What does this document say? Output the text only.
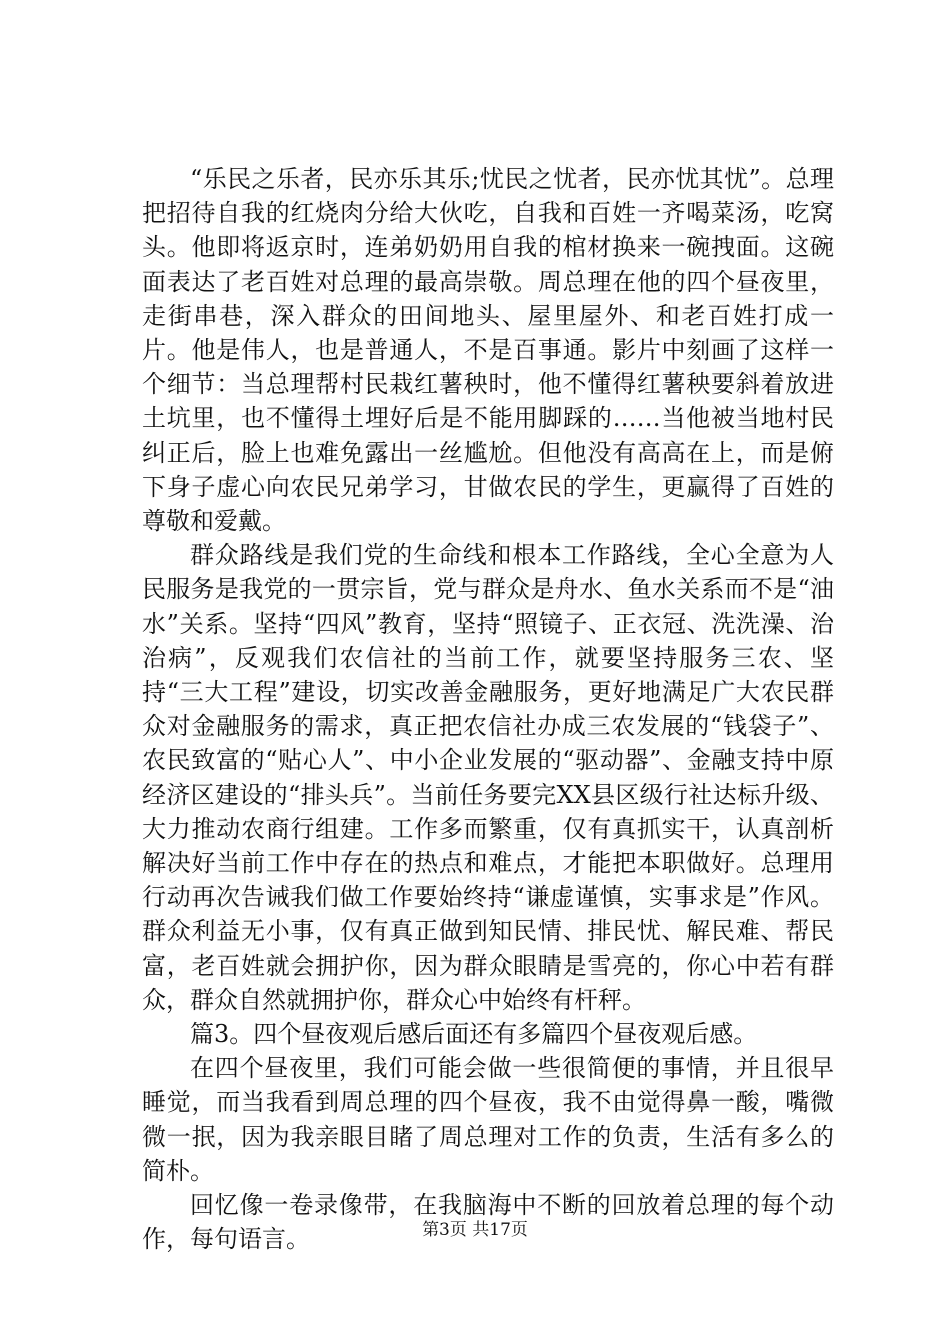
“乐民之乐者，民亦乐其乐;忧民之忧者，民亦忧其忧”。总理把招待自我的红烧肉分给大伙吃，自我和百姓一齐喝菜汤，吃窝头。他即将返京时，连弟奶奶用自我的棺材换来一碗拽面。这碗面表达了老百姓对总理的最高崇敬。周总理在他的四个昼夜里，走街串巷，深入群众的田间地头、屋里屋外、和老百姓打成一片。他是伟人，也是普通人，不是百事通。影片中刻画了这样一个细节：当总理帮村民栽红薯秧时，他不懂得红薯秧要斜着放进土坑里，也不懂得土埋好后是不能用脚踩的……当他被当地村民纠正后，脸上也难免露出一丝尴尬。但他没有高高在上，而是俯下身子虚心向农民兄弟学习，甘做农民的学生，更赢得了百姓的尊敬和爱戴。

群众路线是我们党的生命线和根本工作路线，全心全意为人民服务是我党的一贯宗旨，党与群众是舟水、鱼水关系而不是“油水”关系。坚持“四风”教育，坚持“照镜子、正衣冠、洗洗澡、治治病”，反观我们农信社的当前工作，就要坚持服务三农、坚持“三大工程”建设，切实改善金融服务，更好地满足广大农民群众对金融服务的需求，真正把农信社办成三农发展的“钱袋子”、农民致富的“贴心人”、中小企业发展的“驱动器”、金融支持中原经济区建设的“排头兵”。当前任务要完XX县区级行社达标升级、大力推动农商行组建。工作多而繁重，仅有真抓实干，认真剖析解决好当前工作中存在的热点和难点，才能把本职做好。总理用行动再次告诫我们做工作要始终持“谦虚谨慎，实事求是”作风。群众利益无小事，仅有真正做到知民情、排民忧、解民难、帮民富，老百姓就会拥护你，因为群众眼睛是雪亮的，你心中若有群众，群众自然就拥护你，群众心中始终有杆秤。

篇3。四个昼夜观后感后面还有多篇四个昼夜观后感。

在四个昼夜里，我们可能会做一些很简便的事情，并且很早睡觉，而当我看到周总理的四个昼夜，我不由觉得鼻一酸，嘴微微一抿，因为我亲眼目睹了周总理对工作的负责，生活有多么的简朴。

回忆像一卷录像带，在我脑海中不断的回放着总理的每个动作，每句语言。	第3页 共17页
